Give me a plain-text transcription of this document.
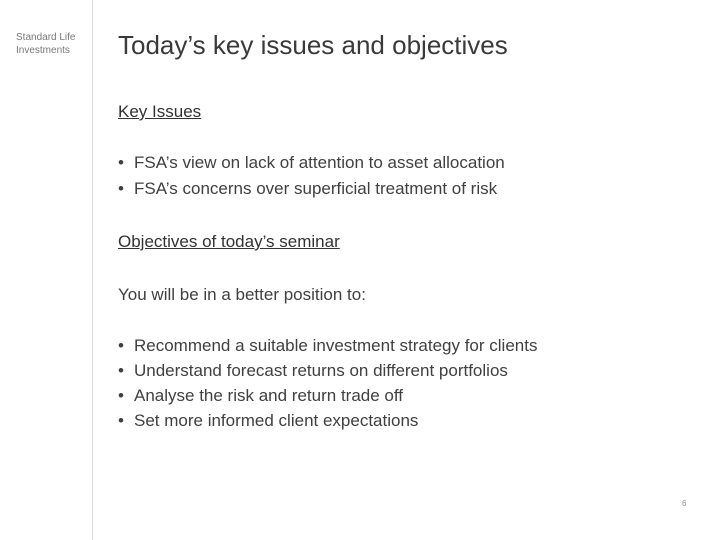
Standard Life
Investments Today’s key issues and objectives
Key Issues
• FSA’s view on lack of attention to asset allocation
• FSA’s concerns over superficial treatment of risk
Objectives of today’s seminar
You will be in a better position to:
• Recommend a suitable investment strategy for clients
• Understand forecast returns on different portfolios
• Analyse the risk and return trade off
• Set more informed client expectations
6
